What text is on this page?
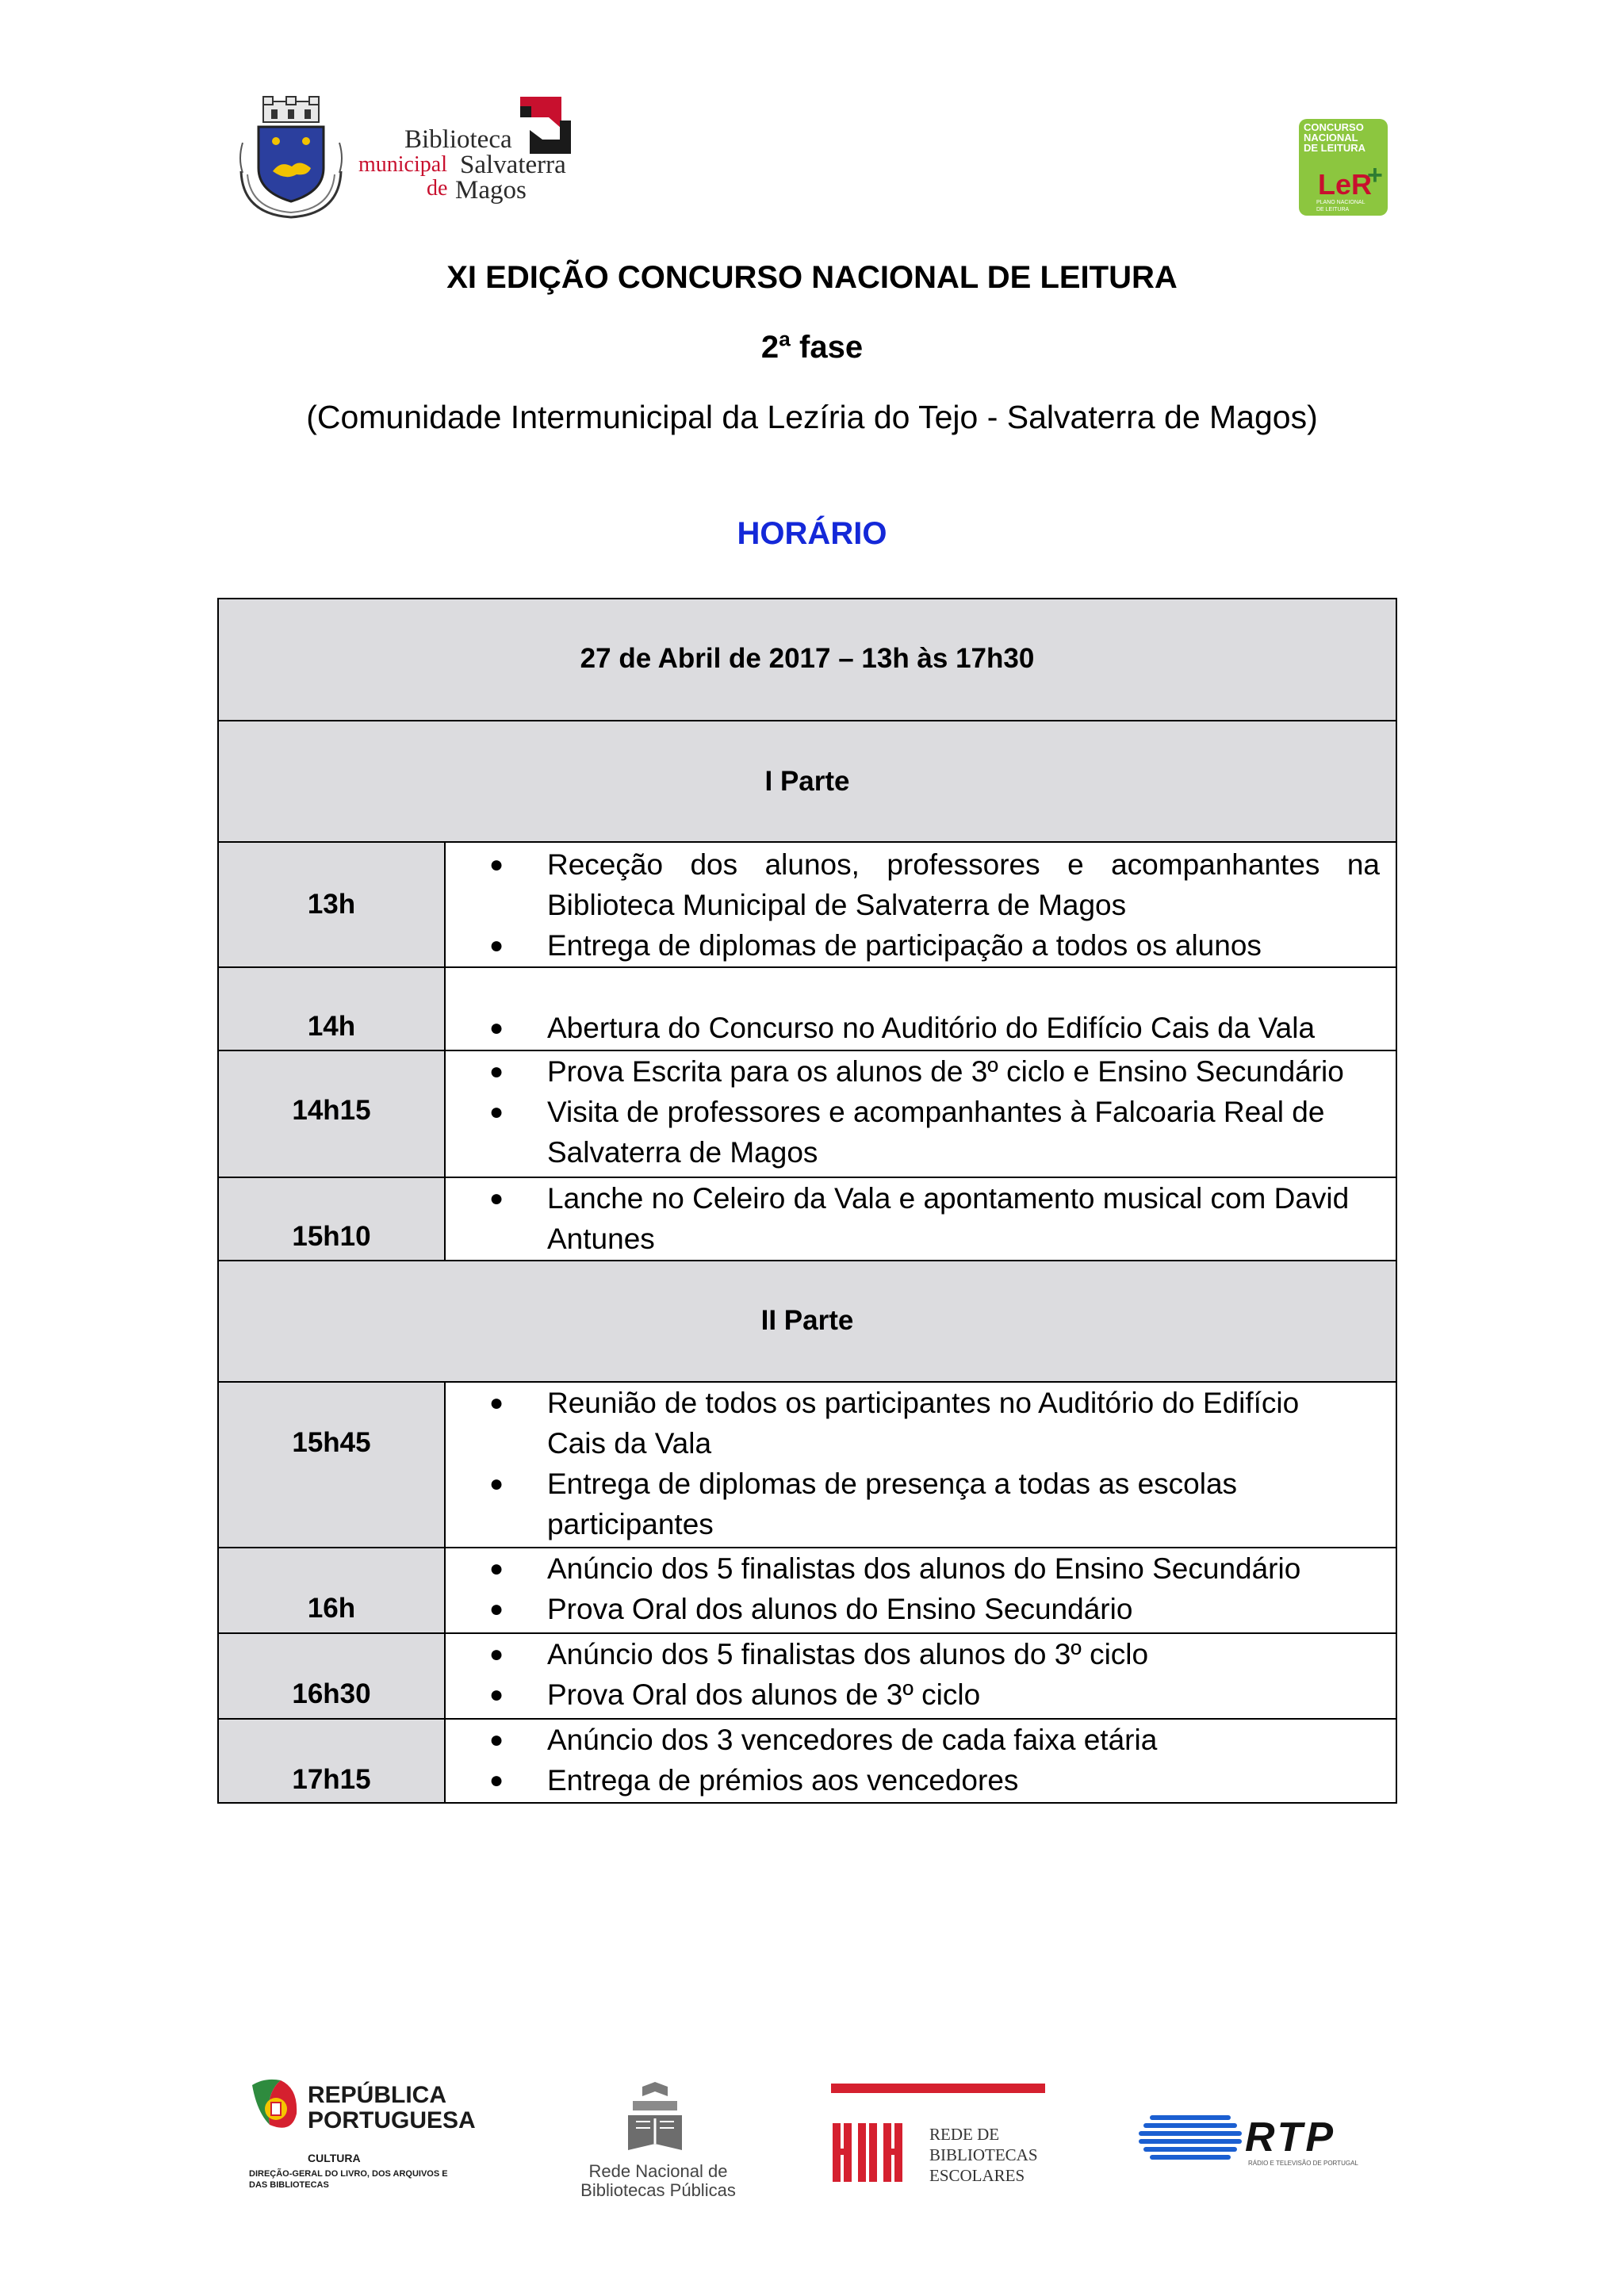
Biblioteca
municipal Salvaterra
de Magos
CONCURSO
NACIONAL
DE LEITURA
LeR
+
PLANO NACIONAL
DE LEITURA
XI EDIÇÃO CONCURSO NACIONAL DE LEITURA
2ª fase
(Comunidade Intermunicipal da Lezíria do Tejo - Salvaterra de Magos)
HORÁRIO
27 de Abril de 2017 – 13h às 17h30
I Parte
13h
●	Receção dos alunos, professores e acompanhantes na Biblioteca Municipal de Salvaterra de Magos
●	Entrega de diplomas de participação a todos os alunos
14h	●	Abertura do Concurso no Auditório do Edifício Cais da Vala
14h15
●	Prova Escrita para os alunos de 3º ciclo e Ensino Secundário
●	Visita de professores e acompanhantes à Falcoaria Real de Salvaterra de Magos
15h10
●	Lanche no Celeiro da Vala e apontamento musical com David Antunes
II Parte
15h45
●	Reunião de todos os participantes no Auditório do Edifício Cais da Vala
●	Entrega de diplomas de presença a todas as escolas participantes
16h
●	Anúncio dos 5 finalistas dos alunos do Ensino Secundário
●	Prova Oral dos alunos do Ensino Secundário
16h30
●	Anúncio dos 5 finalistas dos alunos do 3º ciclo
●	Prova Oral dos alunos de 3º ciclo
17h15
●	Anúncio dos 3 vencedores de cada faixa etária
●	Entrega de prémios aos vencedores
REPÚBLICA
PORTUGUESA
CULTURA
DIREÇÃO-GERAL DO LIVRO, DOS ARQUIVOS E
DAS BIBLIOTECAS
Rede Nacional de
Bibliotecas Públicas
REDE DE
BIBLIOTECAS
ESCOLARES
RTP
RÁDIO E TELEVISÃO DE PORTUGAL
